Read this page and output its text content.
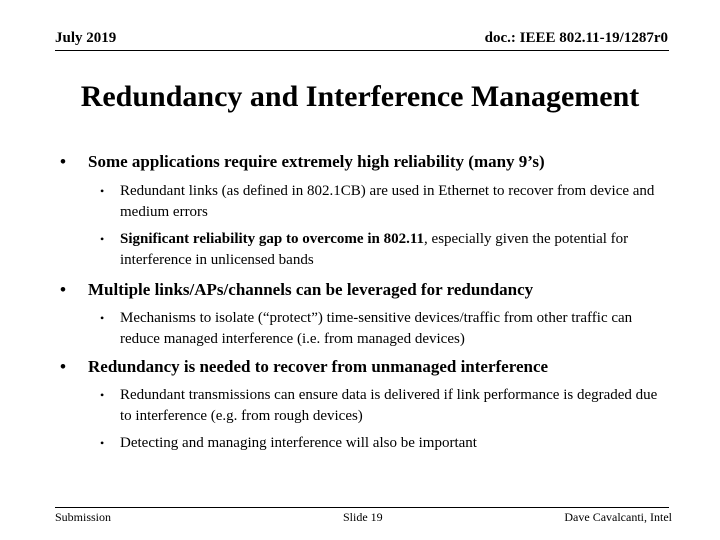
July 2019	doc.: IEEE 802.11-19/1287r0
Redundancy and Interference Management
• Some applications require extremely high reliability (many 9’s)
• Redundant links (as defined in 802.1CB) are used in Ethernet to recover from device and medium errors
• Significant reliability gap to overcome in 802.11, especially given the potential for interference in unlicensed bands
• Multiple links/APs/channels can be leveraged for redundancy
• Mechanisms to isolate (“protect”) time-sensitive devices/traffic from other traffic can reduce managed interference (i.e. from managed devices)
• Redundancy is needed to recover from unmanaged interference
• Redundant transmissions can ensure data is delivered if link performance is degraded due to interference (e.g. from rough devices)
• Detecting and managing interference will also be important
Submission	Slide 19	Dave Cavalcanti, Intel
